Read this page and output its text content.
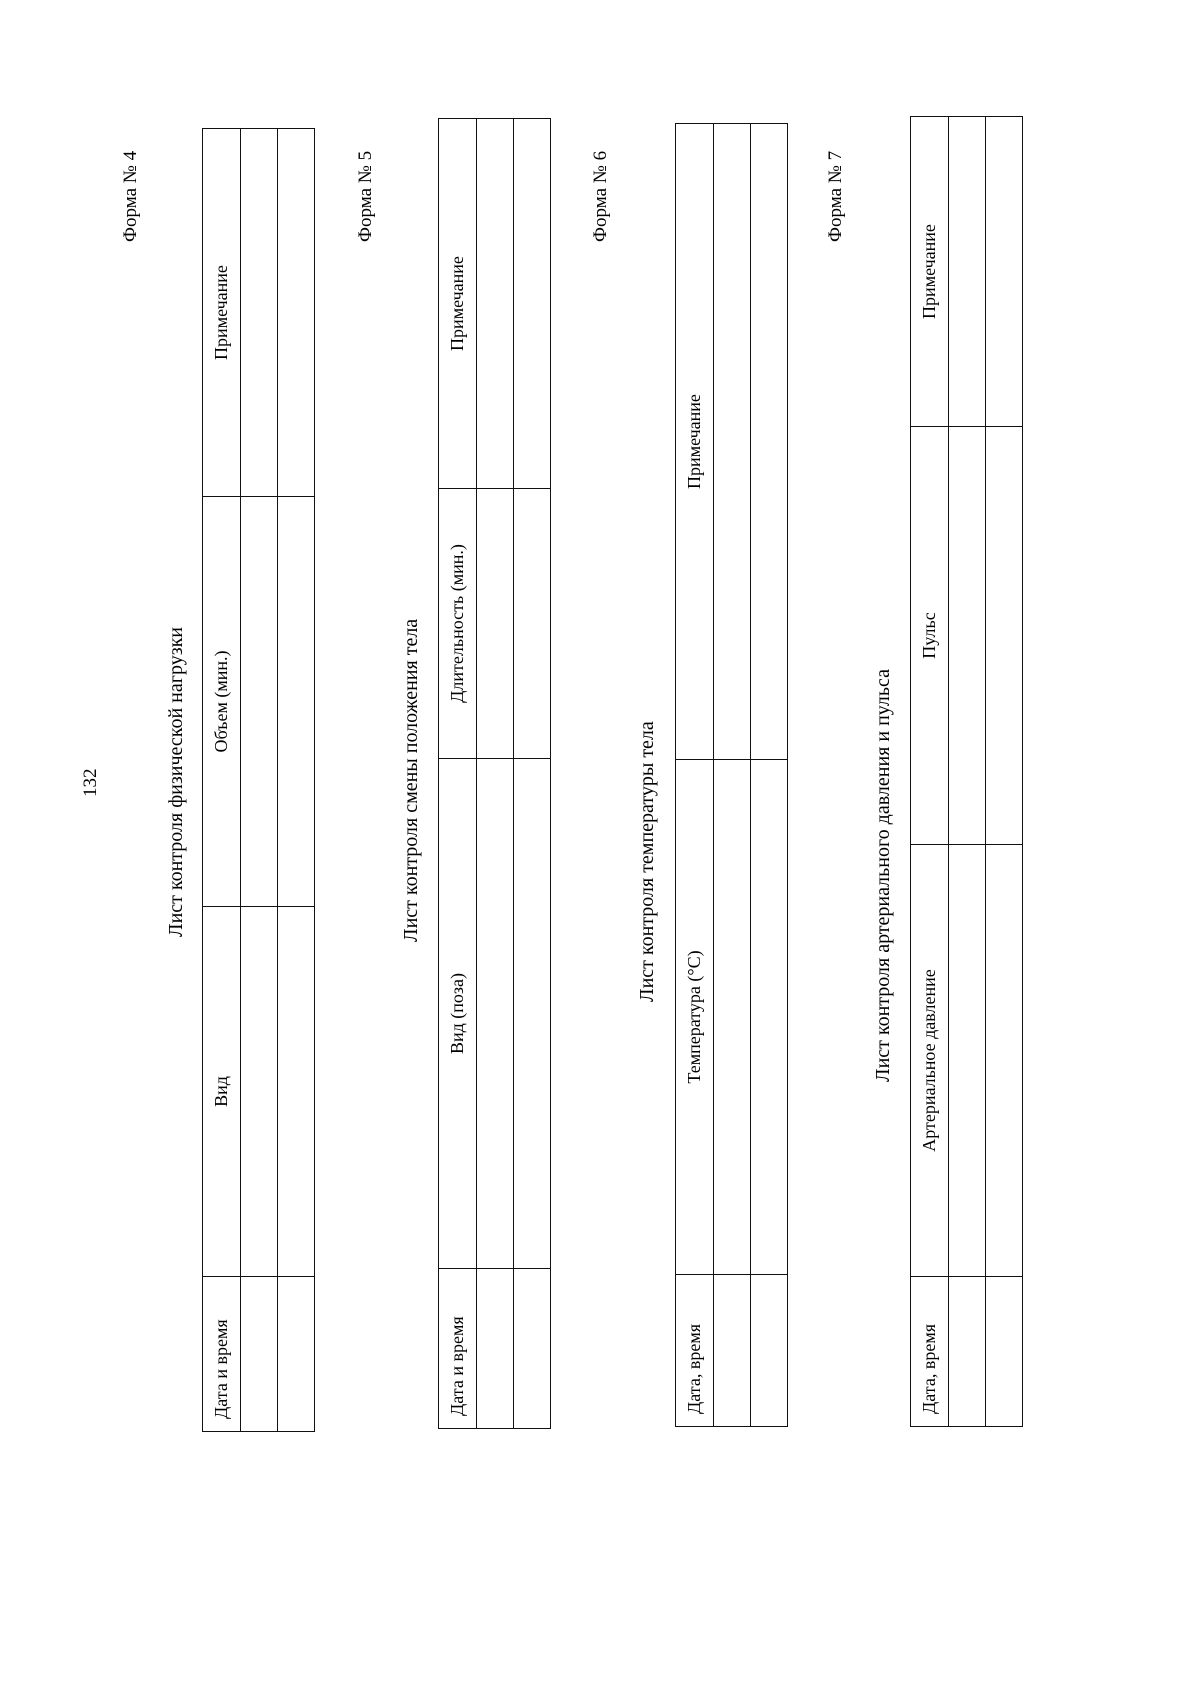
132
Форма № 4
Лист контроля физической нагрузки
Дата и время	Вид	Объем (мин.)	Примечание

Форма № 5
Лист контроля смены положения тела
Дата и время	Вид (поза)	Длительность (мин.)	Примечание

Форма № 6
Лист контроля температуры тела
Дата, время	Температура (°С)	Примечание

Форма № 7
Лист контроля артериального давления и пульса
Дата, время	Артериальное давление	Пульс	Примечание
